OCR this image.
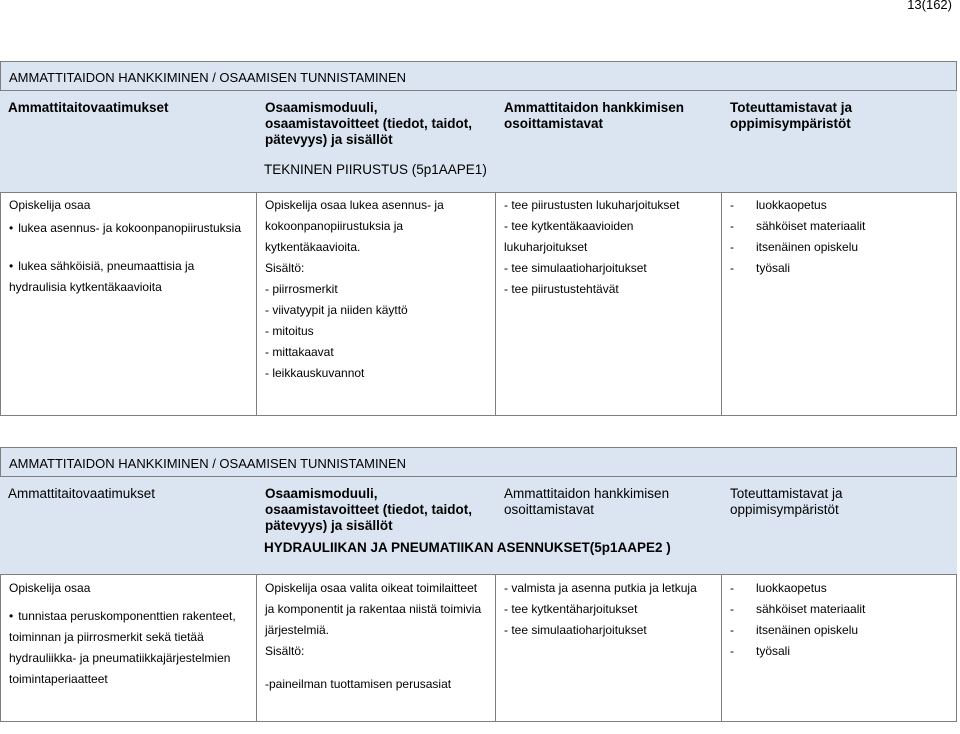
13(162)
AMMATTITAIDON HANKKIMINEN / OSAAMISEN TUNNISTAMINEN
Ammattitaitovaatimukset	Osaamismoduuli,
osaamistavoitteet (tiedot, taidot,
pätevyys) ja sisällöt
Ammattitaidon hankkimisen
osoittamistavat
Toteuttamistavat ja
oppimisympäristöt
TEKNINEN PIIRUSTUS (5p1AAPE1)
Opiskelija osaa
• lukea asennus- ja kokoonpanopiirustuksia
• lukea sähköisiä, pneumaattisia ja
hydraulisia kytkentäkaavioita
Opiskelija osaa lukea asennus- ja
kokoonpanopiirustuksia ja
kytkentäkaavioita.
Sisältö:
- piirrosmerkit
- viivatyypit ja niiden käyttö
- mitoitus
- mittakaavat
- leikkauskuvannot
- tee piirustusten lukuharjoitukset
- tee kytkentäkaavioiden
lukuharjoitukset
- tee simulaatioharjoitukset
- tee piirustustehtävät
- luokkaopetus
- sähköiset materiaalit
- itsenäinen opiskelu
- työsali
AMMATTITAIDON HANKKIMINEN / OSAAMISEN TUNNISTAMINEN
Ammattitaitovaatimukset	Osaamismoduuli,
osaamistavoitteet (tiedot, taidot,
pätevyys) ja sisällöt
Ammattitaidon hankkimisen
osoittamistavat
Toteuttamistavat ja
oppimisympäristöt
HYDRAULIIKAN JA PNEUMATIIKAN ASENNUKSET(5p1AAPE2 )
Opiskelija osaa
• tunnistaa peruskomponenttien rakenteet,
toiminnan ja piirrosmerkit sekä tietää
hydrauliikka- ja pneumatiikkajärjestelmien
toimintaperiaatteet
Opiskelija osaa valita oikeat toimilaitteet
ja komponentit ja rakentaa niistä toimivia
järjestelmiä.
Sisältö:
-paineilman tuottamisen perusasiat
- valmista ja asenna putkia ja letkuja
- tee kytkentäharjoitukset
- tee simulaatioharjoitukset
- luokkaopetus
- sähköiset materiaalit
- itsenäinen opiskelu
- työsali
